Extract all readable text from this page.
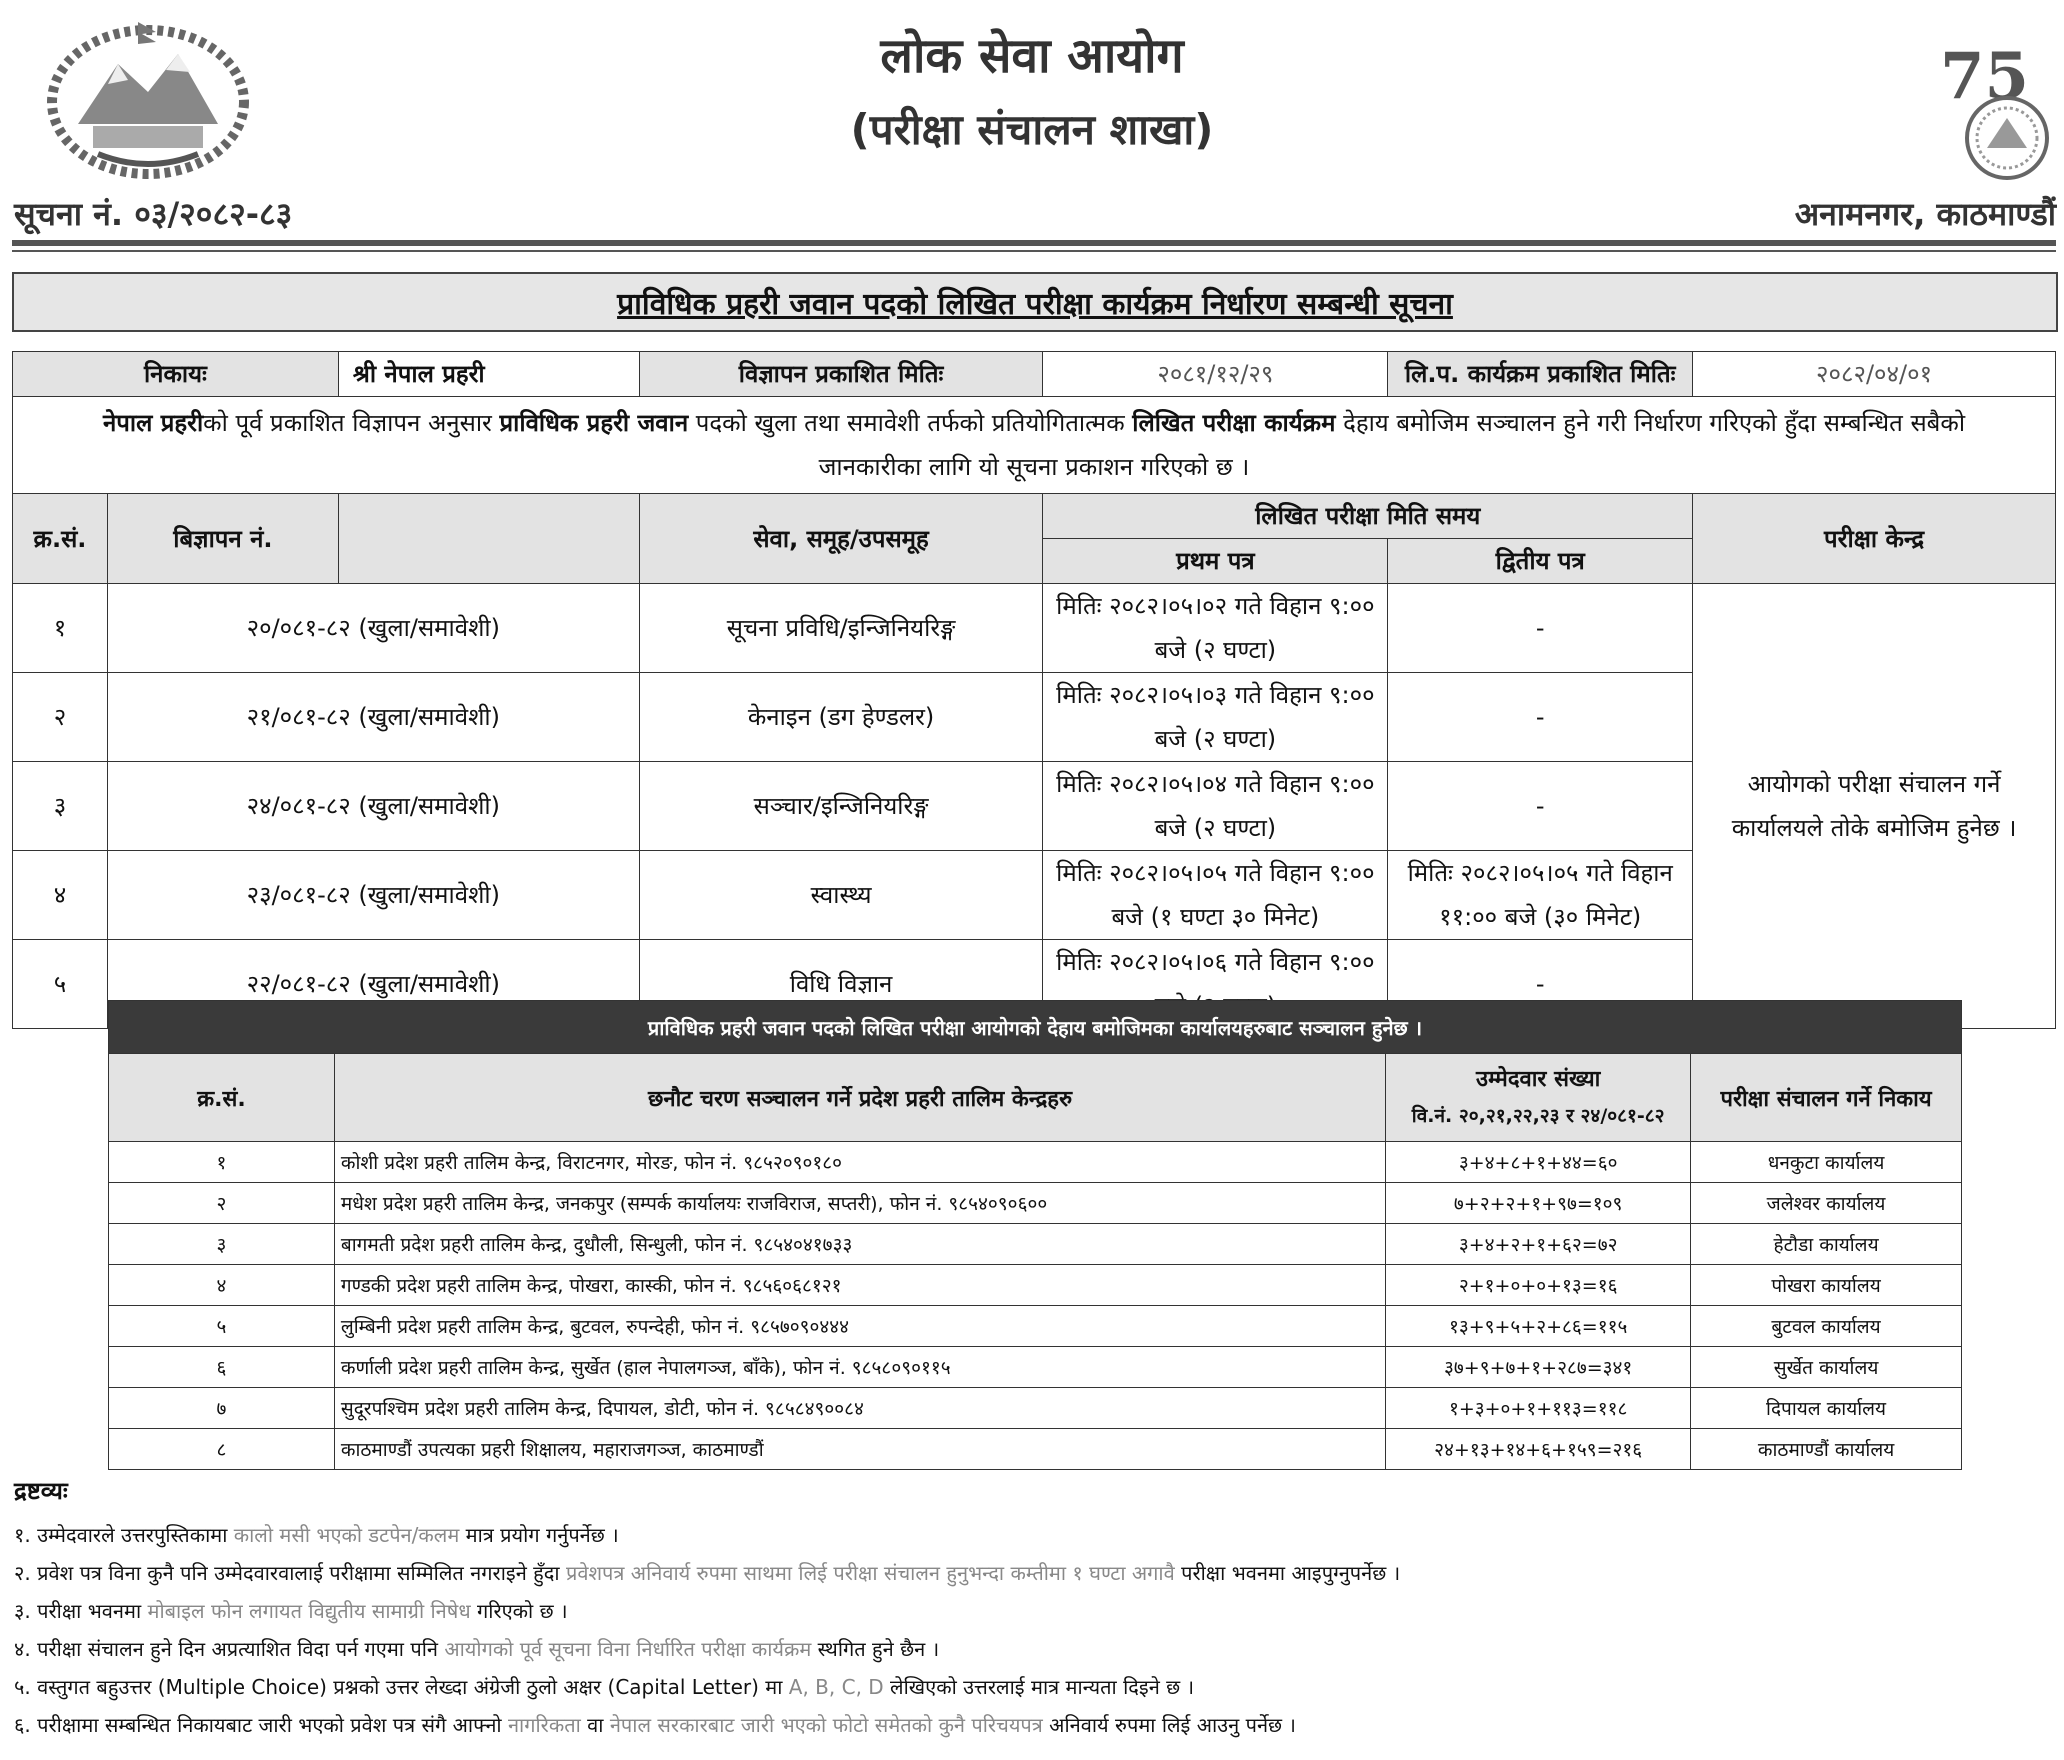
75
लोक सेवा आयोग
(परीक्षा संचालन शाखा)
सूचना नं. ०३/२०८२-८३	अनामनगर, काठमाण्डौं
प्राविधिक प्रहरी जवान पदको लिखित परीक्षा कार्यक्रम निर्धारण सम्बन्धी सूचना
निकायः		श्री नेपाल प्रहरी	विज्ञापन प्रकाशित मितिः	२०८१/१२/२९	लि.प. कार्यक्रम प्रकाशित मितिः	२०८२/०४/०१
नेपाल प्रहरीको पूर्व प्रकाशित विज्ञापन अनुसार प्राविधिक प्रहरी जवान पदको खुला तथा समावेशी तर्फको प्रतियोगितात्मक लिखित परीक्षा कार्यक्रम देहाय बमोजिम सञ्चालन हुने गरी निर्धारण गरिएको हुँदा सम्बन्धित सबैको
जानकारीका लागि यो सूचना प्रकाशन गरिएको छ ।						
क्र.सं.	बिज्ञापन नं.		सेवा, समूह/उपसमूह	लिखित परीक्षा मिति समय		परीक्षा केन्द्र
				प्रथम पत्र	द्वितीय पत्र	
१	२०/०८१-८२ (खुला/समावेशी)		सूचना प्रविधि/इन्जिनियरिङ्ग	मितिः २०८२।०५।०२ गते विहान ९:००
बजे (२ घण्टा)	-	आयोगको परीक्षा संचालन गर्ने
कार्यालयले तोके बमोजिम हुनेछ ।
२	२१/०८१-८२ (खुला/समावेशी)		केनाइन (डग हेण्डलर)	मितिः २०८२।०५।०३ गते विहान ९:००
बजे (२ घण्टा)	-	
३	२४/०८१-८२ (खुला/समावेशी)		सञ्चार/इन्जिनियरिङ्ग	मितिः २०८२।०५।०४ गते विहान ९:००
बजे (२ घण्टा)	-	
४	२३/०८१-८२ (खुला/समावेशी)		स्वास्थ्य	मितिः २०८२।०५।०५ गते विहान ९:००
बजे (१ घण्टा ३० मिनेट)	मितिः २०८२।०५।०५ गते विहान
११:०० बजे (३० मिनेट)	
५	२२/०८१-८२ (खुला/समावेशी)		विधि विज्ञान	मितिः २०८२।०५।०६ गते विहान ९:००	-	
प्राविधिक प्रहरी जवान पदको लिखित परीक्षा आयोगको देहाय बमोजिमका कार्यालयहरुबाट सञ्चालन हुनेछ ।			
क्र.सं.	छनौट चरण सञ्चालन गर्ने प्रदेश प्रहरी तालिम केन्द्रहरु	उम्मेदवार संख्या
वि.नं. २०,२१,२२,२३ र २४/०८१-८२	परीक्षा संचालन गर्ने निकाय
१	कोशी प्रदेश प्रहरी तालिम केन्द्र, विराटनगर, मोरङ, फोन नं. ९८५२०९०१८०	३+४+८+१+४४=६०	धनकुटा कार्यालय
२	मधेश प्रदेश प्रहरी तालिम केन्द्र, जनकपुर (सम्पर्क कार्यालयः राजविराज, सप्तरी), फोन नं. ९८५४०९०६००	७+२+२+१+९७=१०९	जलेश्वर कार्यालय
३	बागमती प्रदेश प्रहरी तालिम केन्द्र, दुधौली, सिन्धुली, फोन नं. ९८५४०४१७३३	३+४+२+१+६२=७२	हेटौडा कार्यालय
४	गण्डकी प्रदेश प्रहरी तालिम केन्द्र, पोखरा, कास्की, फोन नं. ९८५६०६८१२१	२+१+०+०+१३=१६	पोखरा कार्यालय
५	लुम्बिनी प्रदेश प्रहरी तालिम केन्द्र, बुटवल, रुपन्देही, फोन नं. ९८५७०९०४४४	१३+९+५+२+८६=११५	बुटवल कार्यालय
६	कर्णाली प्रदेश प्रहरी तालिम केन्द्र, सुर्खेत (हाल नेपालगञ्ज, बाँके), फोन नं. ९८५८०९०११५	३७+९+७+१+२८७=३४१	सुर्खेत कार्यालय
७	सुदूरपश्चिम प्रदेश प्रहरी तालिम केन्द्र, दिपायल, डोटी, फोन नं. ९८५८४९००८४	१+३+०+१+११३=११८	दिपायल कार्यालय
८	काठमाण्डौं उपत्यका प्रहरी शिक्षालय, महाराजगञ्ज, काठमाण्डौं	२४+१३+१४+६+१५९=२१६	काठमाण्डौं कार्यालय
द्रष्टव्यः
१. उम्मेदवारले उत्तरपुस्तिकामा कालो मसी भएको डटपेन/कलम मात्र प्रयोग गर्नुपर्नेछ ।
२. प्रवेश पत्र विना कुनै पनि उम्मेदवारवालाई परीक्षामा सम्मिलित नगराइने हुँदा प्रवेशपत्र अनिवार्य रुपमा साथमा लिई परीक्षा संचालन हुनुभन्दा कम्तीमा १ घण्टा अगावै परीक्षा भवनमा आइपुग्नुपर्नेछ ।
३. परीक्षा भवनमा मोबाइल फोन लगायत विद्युतीय सामाग्री निषेध गरिएको छ ।
४. परीक्षा संचालन हुने दिन अप्रत्याशित विदा पर्न गएमा पनि आयोगको पूर्व सूचना विना निर्धारित परीक्षा कार्यक्रम स्थगित हुने छैन ।
५. वस्तुगत बहुउत्तर (Multiple Choice) प्रश्नको उत्तर लेख्दा अंग्रेजी ठुलो अक्षर (Capital Letter) मा A, B, C, D लेखिएको उत्तरलाई मात्र मान्यता दिइने छ ।
६. परीक्षामा सम्बन्धित निकायबाट जारी भएको प्रवेश पत्र संगै आफ्नो नागरिकता वा नेपाल सरकारबाट जारी भएको फोटो समेतको कुनै परिचयपत्र अनिवार्य रुपमा लिई आउनु पर्नेछ ।
